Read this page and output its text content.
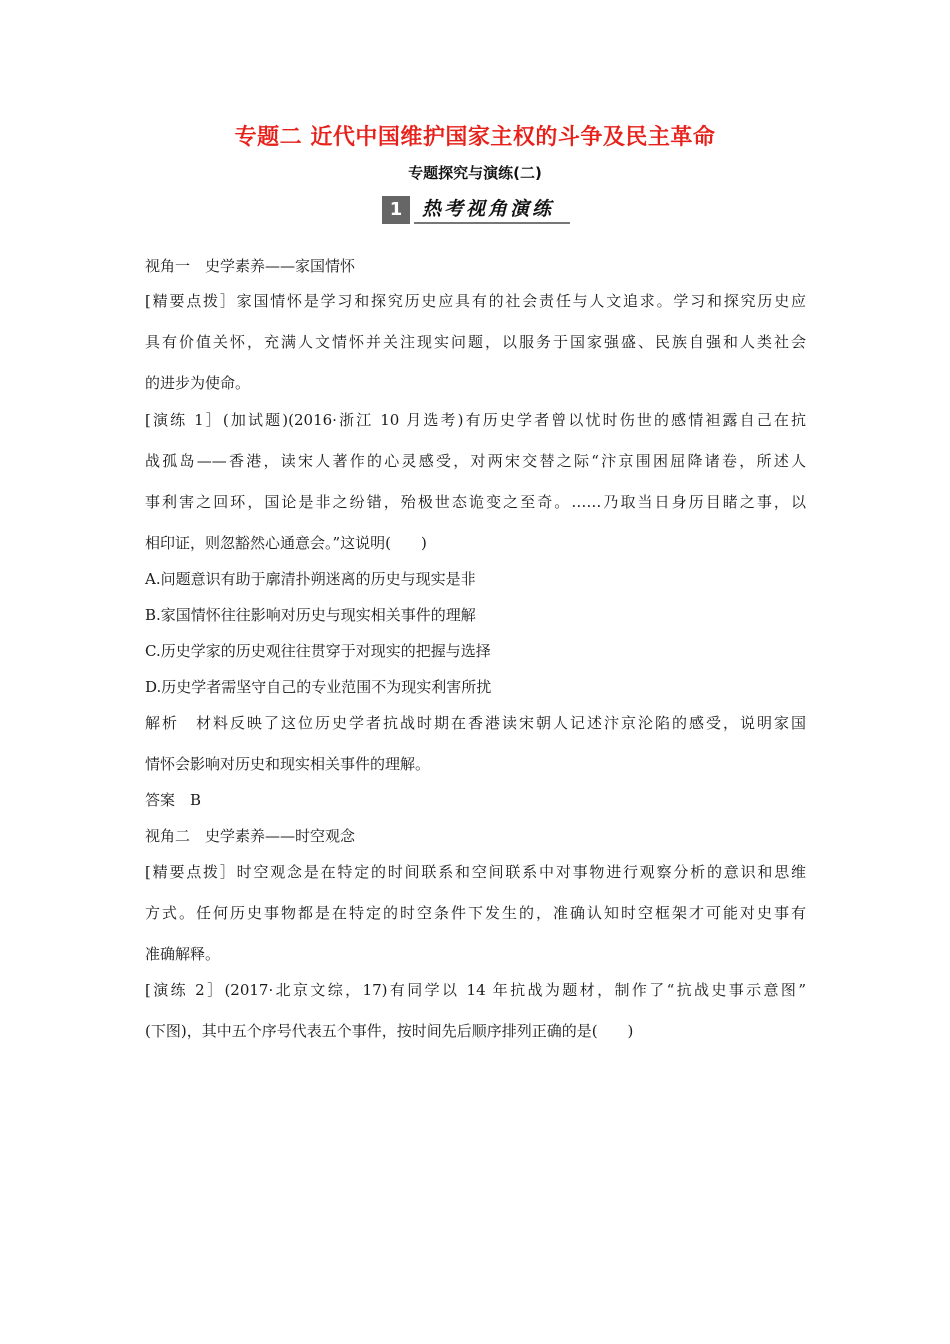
专题二 近代中国维护国家主权的斗争及民主革命
专题探究与演练(二)
1	热考视角演练
视角一　史学素养——家国情怀
[精要点拨］家国情怀是学习和探究历史应具有的社会责任与人文追求。学习和探究历史应
具有价值关怀，充满人文情怀并关注现实问题，以服务于国家强盛、民族自强和人类社会
的进步为使命。
[演练 1］(加试题)(2016·浙江 10 月选考)有历史学者曾以忧时伤世的感情袒露自己在抗
战孤岛——香港，读宋人著作的心灵感受，对两宋交替之际“汴京围困屈降诸卷，所述人
事利害之回环，国论是非之纷错，殆极世态诡变之至奇。……乃取当日身历目睹之事，以
相印证，则忽豁然心通意会。”这说明(　　)
A.问题意识有助于廓清扑朔迷离的历史与现实是非
B.家国情怀往往影响对历史与现实相关事件的理解
C.历史学家的历史观往往贯穿于对现实的把握与选择
D.历史学者需坚守自己的专业范围不为现实利害所扰
解析　材料反映了这位历史学者抗战时期在香港读宋朝人记述汴京沦陷的感受，说明家国
情怀会影响对历史和现实相关事件的理解。
答案　B
视角二　史学素养——时空观念
[精要点拨］时空观念是在特定的时间联系和空间联系中对事物进行观察分析的意识和思维
方式。任何历史事物都是在特定的时空条件下发生的，准确认知时空框架才可能对史事有
准确解释。
[演练 2］(2017·北京文综，17)有同学以 14 年抗战为题材，制作了“抗战史事示意图”
(下图)，其中五个序号代表五个事件，按时间先后顺序排列正确的是(　　)
